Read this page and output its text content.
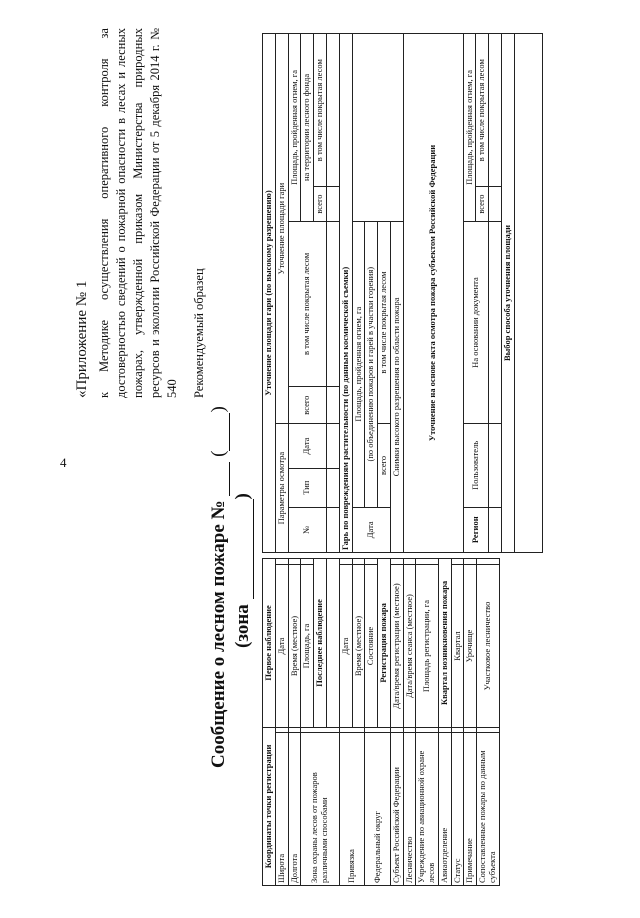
4
«Приложение № 1 к Методике осуществления оперативного контроля за достоверностью сведений о пожарной опасности в лесах и лесных пожарах, утвержденной приказом Министерства природных ресурсов и экологии Российской Федерации от 5 декабря 2014 г. № 540 Рекомендуемый образец
Сообщение о лесном пожаре №  ()
(зона )
Координаты точки регистрации		Первое наблюдение	
Широта		Дата	
Долгота		Время (местное)	
Зона охраны лесов от пожаров различными способами		Площадь, га	
		Последнее наблюдение	

Привязка		Дата	
		Время (местное)	
Федеральный округ		Состояние	
		Регистрация пожара	
Субъект Российской Федерации		Дата/время регистрации (местное)	
Лесничество		Дата/время сеанса (местное)	
Учреждение по авиационной охране лесов		Площадь регистрации, га	
Авиаотделение		Квартал возникновения пожара	
Статус		Квартал	
Примечание		Урочище	
Сопоставленные пожары по данным субъекта		Участковое лесничество	
Уточнение площади гари (по высокому разрешению)						
Параметры осмотра			Уточнение площади гари			
№	Тип	Дата	всего	в том числе покрытая лесом	Площадь, пройденная огнем, га	
					на территории лесного фонда	
					всего	в том числе покрытая лесом

Гарь по повреждениям растительности (по данным космической съемки)						
Дата	Площадь, пройденная огнем, га					
	(по объединению пожаров и гарей в участки горения)					
	всего		в том числе покрытая лесом			
Снимки высокого разрешения по области пожара						
Уточнение на основе акта осмотра пожара субъектом Российской Федерации						
Регион	Пользователь		На основании документа		Площадь, пройденная огнем, га	
					всего	в том числе покрытая лесом

Выбор способа уточнения площади						
